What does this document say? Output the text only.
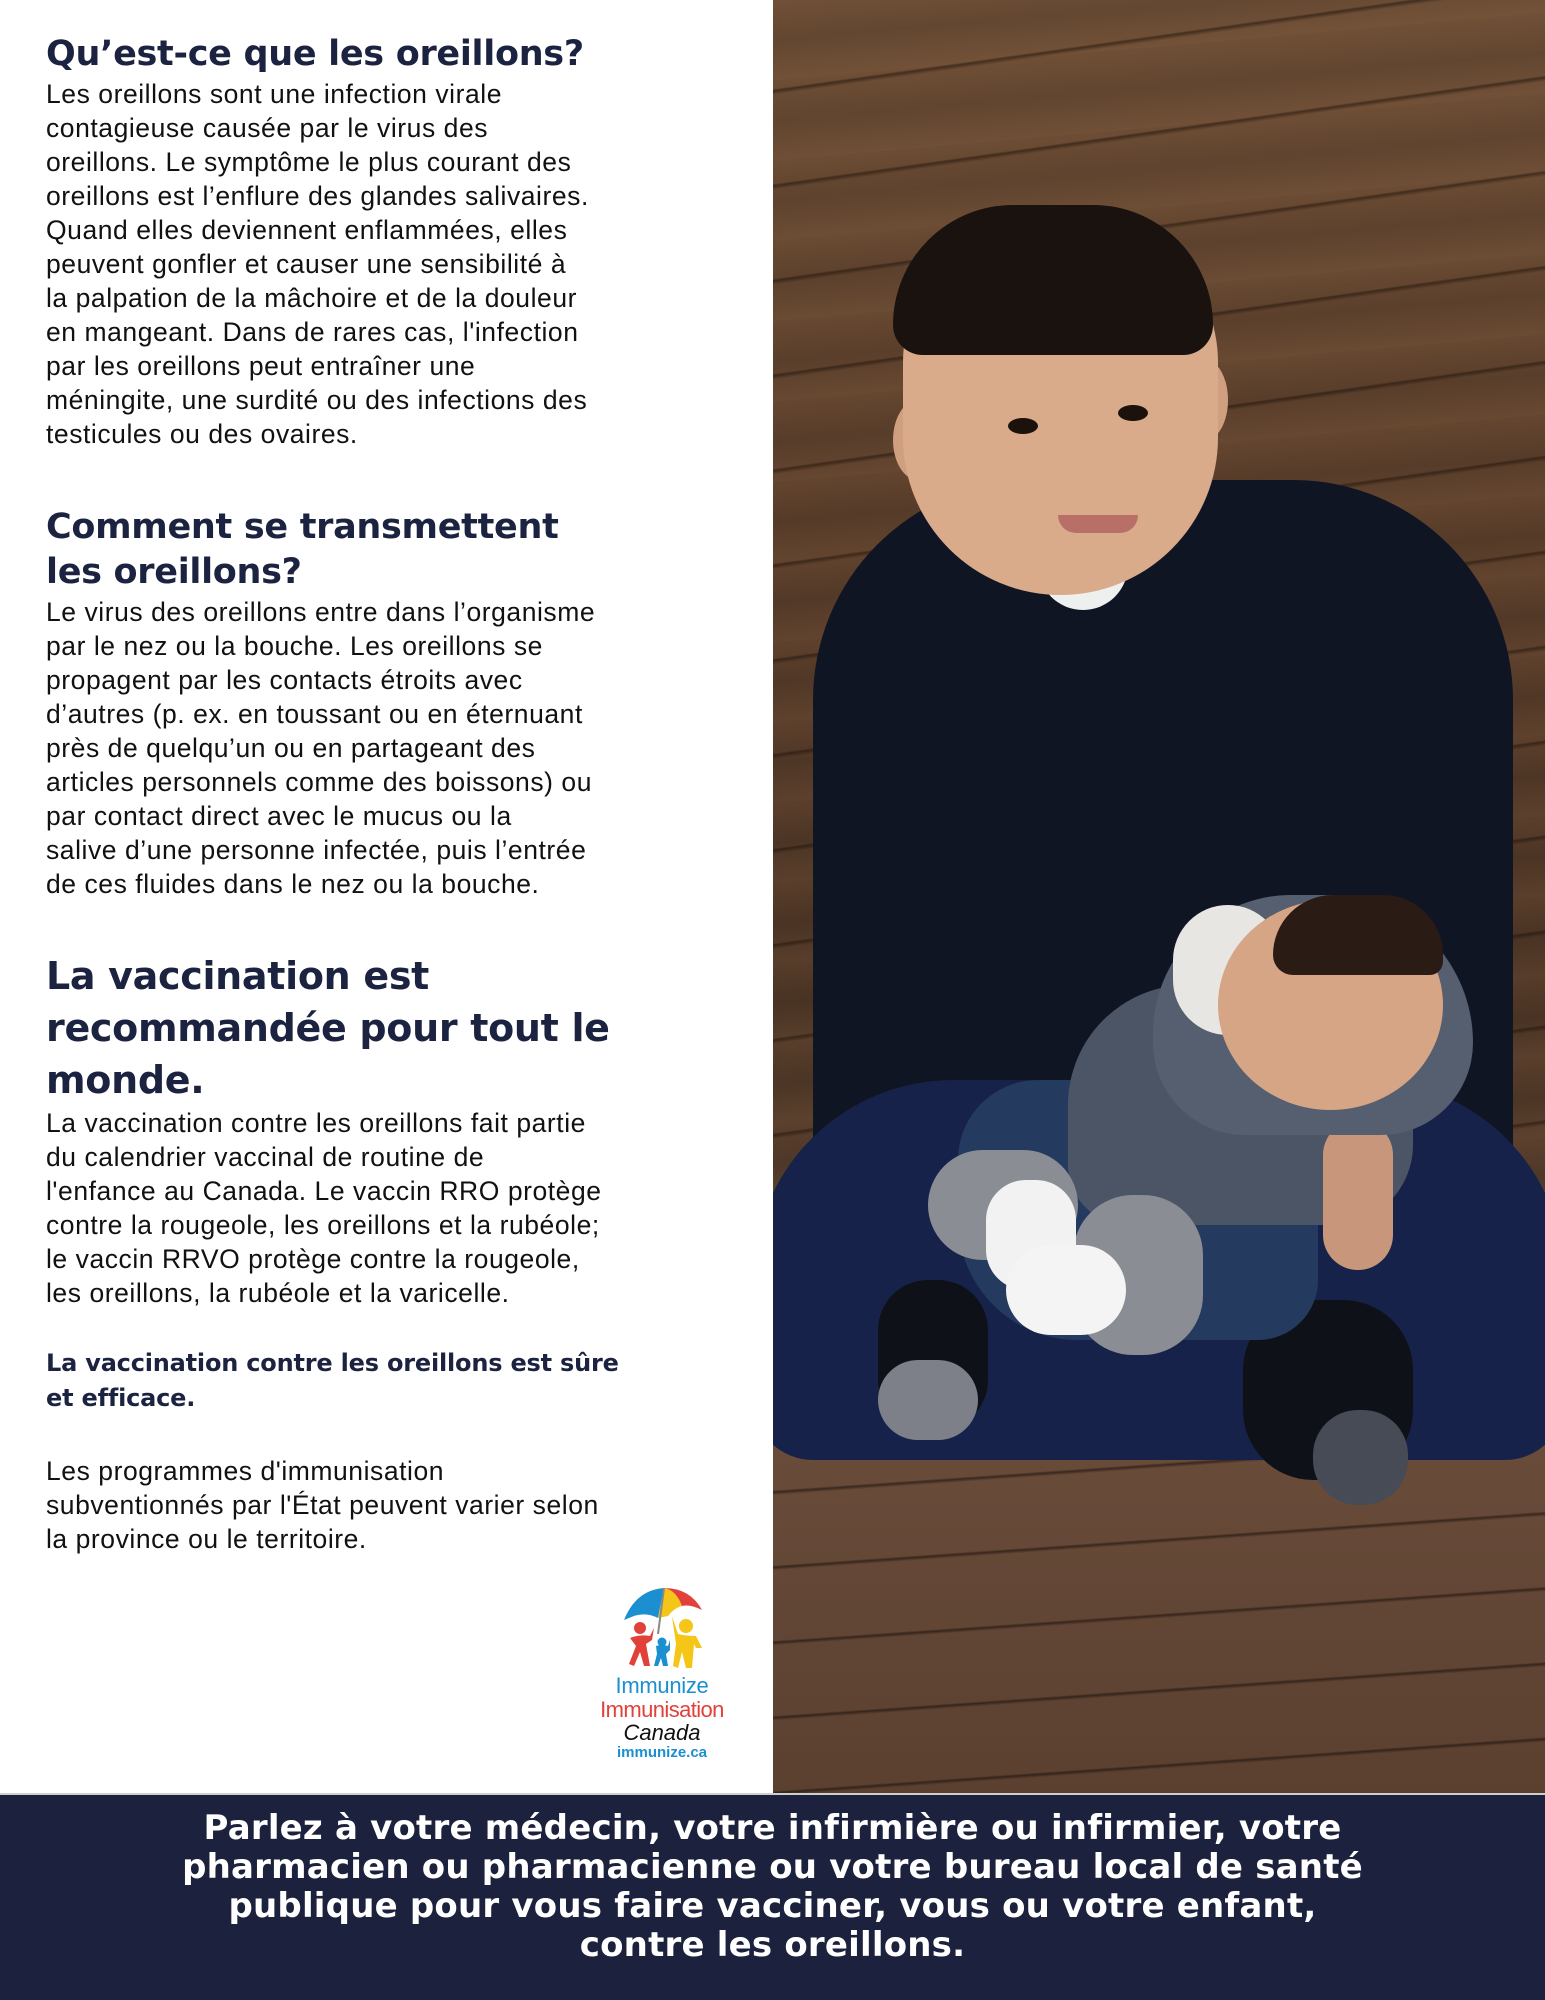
Qu’est-ce que les oreillons?
Les oreillons sont une infection virale
contagieuse causée par le virus des
oreillons. Le symptôme le plus courant des
oreillons est l’enflure des glandes salivaires.
Quand elles deviennent enflammées, elles
peuvent gonfler et causer une sensibilité à
la palpation de la mâchoire et de la douleur
en mangeant. Dans de rares cas, l'infection
par les oreillons peut entraîner une
méningite, une surdité ou des infections des
testicules ou des ovaires.
Comment se transmettent
les oreillons?
Le virus des oreillons entre dans l’organisme
par le nez ou la bouche. Les oreillons se
propagent par les contacts étroits avec
d’autres (p. ex. en toussant ou en éternuant
près de quelqu’un ou en partageant des
articles personnels comme des boissons) ou
par contact direct avec le mucus ou la
salive d’une personne infectée, puis l’entrée
de ces fluides dans le nez ou la bouche.
La vaccination est
recommandée pour tout le
monde.
La vaccination contre les oreillons fait partie
du calendrier vaccinal de routine de
l'enfance au Canada. Le vaccin RRO protège
contre la rougeole, les oreillons et la rubéole;
le vaccin RRVO protège contre la rougeole,
les oreillons, la rubéole et la varicelle.
La vaccination contre les oreillons est sûre
et efficace.
Les programmes d'immunisation
subventionnés par l'État peuvent varier selon
la province ou le territoire.
Immunize
Immunisation
Canada
immunize.ca
Parlez à votre médecin, votre infirmière ou infirmier, votre
pharmacien ou pharmacienne ou votre bureau local de santé
publique pour vous faire vacciner, vous ou votre enfant,
contre les oreillons.
